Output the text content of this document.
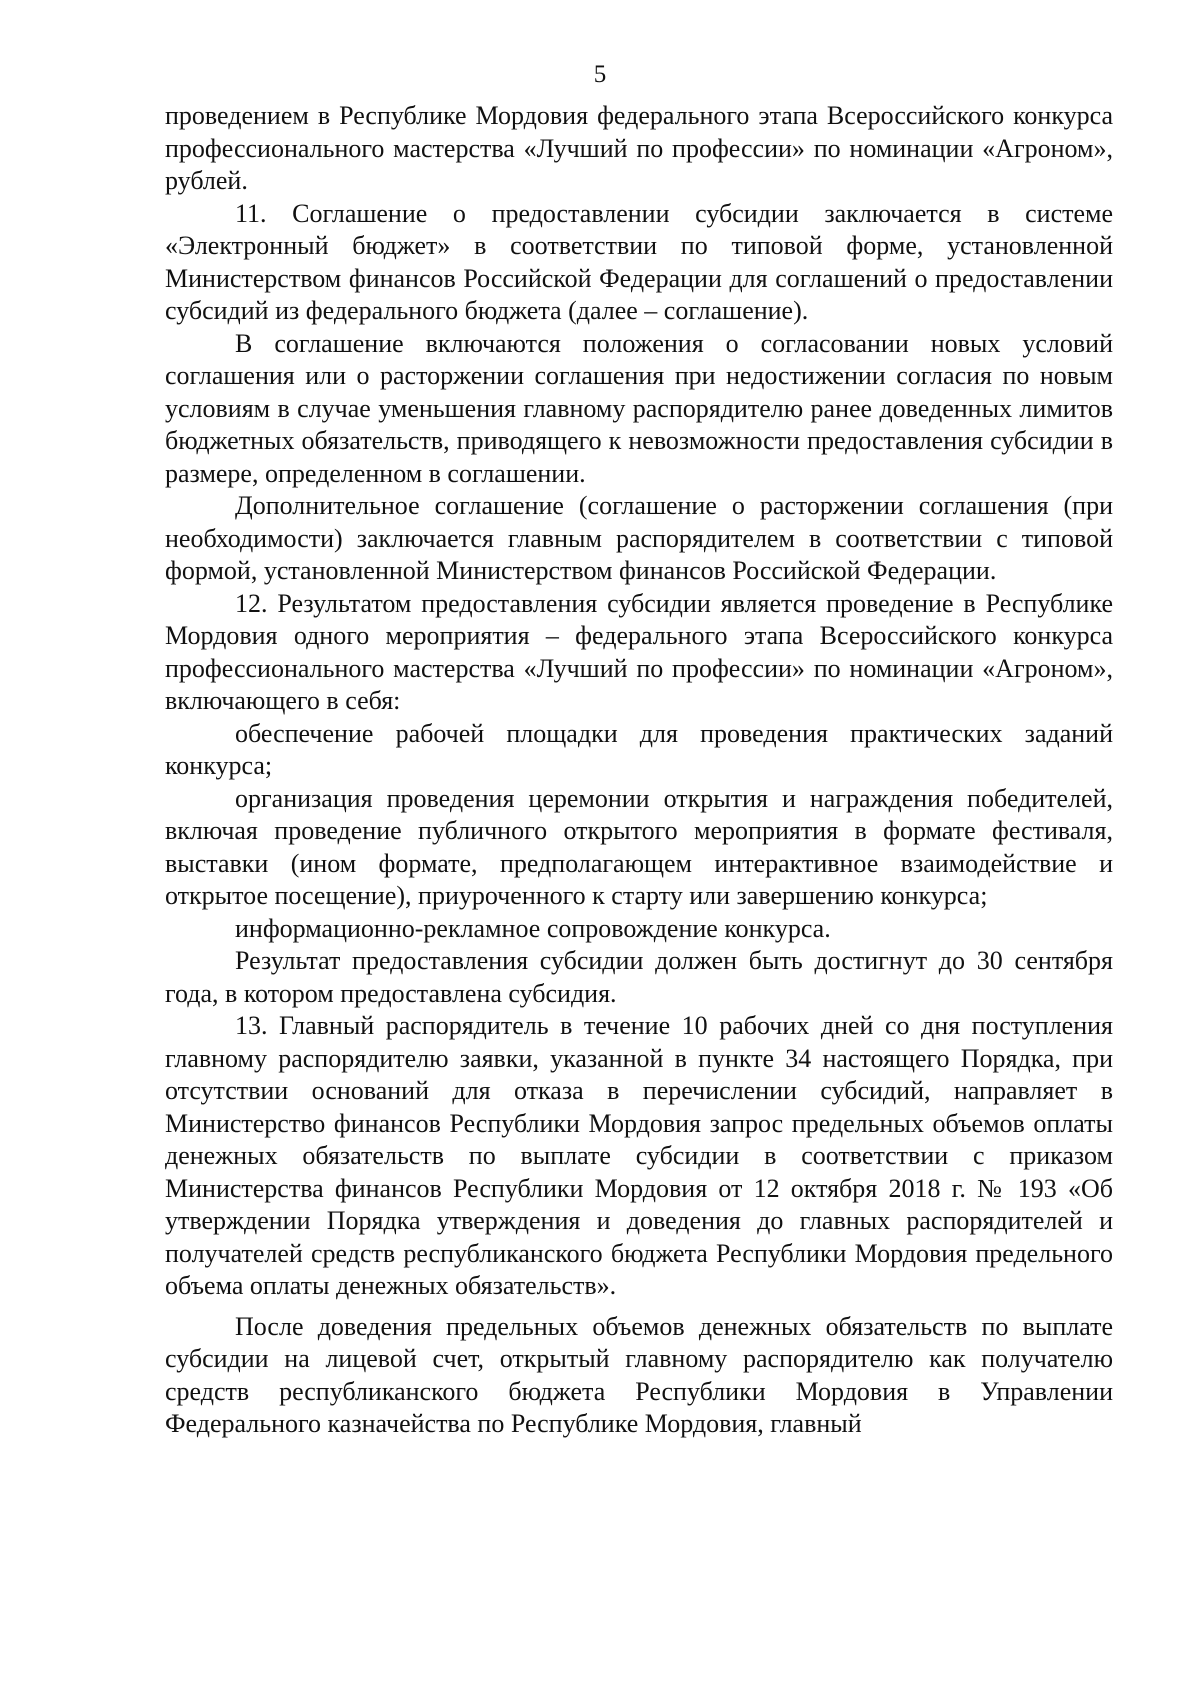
5

проведением в Республике Мордовия федерального этапа Всероссийского конкурса профессионального мастерства «Лучший по профессии» по номинации «Агроном», рублей.

11. Соглашение о предоставлении субсидии заключается в системе «Электронный бюджет» в соответствии по типовой форме, установленной Министерством финансов Российской Федерации для соглашений о предоставлении субсидий из федерального бюджета (далее – соглашение).

В соглашение включаются положения о согласовании новых условий соглашения или о расторжении соглашения при недостижении согласия по новым условиям в случае уменьшения главному распорядителю ранее доведенных лимитов бюджетных обязательств, приводящего к невозможности предоставления субсидии в размере, определенном в соглашении.

Дополнительное соглашение (соглашение о расторжении соглашения (при необходимости) заключается главным распорядителем в соответствии с типовой формой, установленной Министерством финансов Российской Федерации.

12. Результатом предоставления субсидии является проведение в Республике Мордовия одного мероприятия – федерального этапа Всероссийского конкурса профессионального мастерства «Лучший по профессии» по номинации «Агроном», включающего в себя:

обеспечение рабочей площадки для проведения практических заданий конкурса;

организация проведения церемонии открытия и награждения победителей, включая проведение публичного открытого мероприятия в формате фестиваля, выставки (ином формате, предполагающем интерактивное взаимодействие и открытое посещение), приуроченного к старту или завершению конкурса;

информационно-рекламное сопровождение конкурса.

Результат предоставления субсидии должен быть достигнут до 30 сентября года, в котором предоставлена субсидия.

13. Главный распорядитель в течение 10 рабочих дней со дня поступления главному распорядителю заявки, указанной в пункте 34 настоящего Порядка, при отсутствии оснований для отказа в перечислении субсидий, направляет в Министерство финансов Республики Мордовия запрос предельных объемов оплаты денежных обязательств по выплате субсидии в соответствии с приказом Министерства финансов Республики Мордовия от 12 октября 2018 г. № 193 «Об утверждении Порядка утверждения и доведения до главных распорядителей и получателей средств республиканского бюджета Республики Мордовия предельного объема оплаты денежных обязательств».

После доведения предельных объемов денежных обязательств по выплате субсидии на лицевой счет, открытый главному распорядителю как получателю средств республиканского бюджета Республики Мордовия в Управлении Федерального казначейства по Республике Мордовия, главный
